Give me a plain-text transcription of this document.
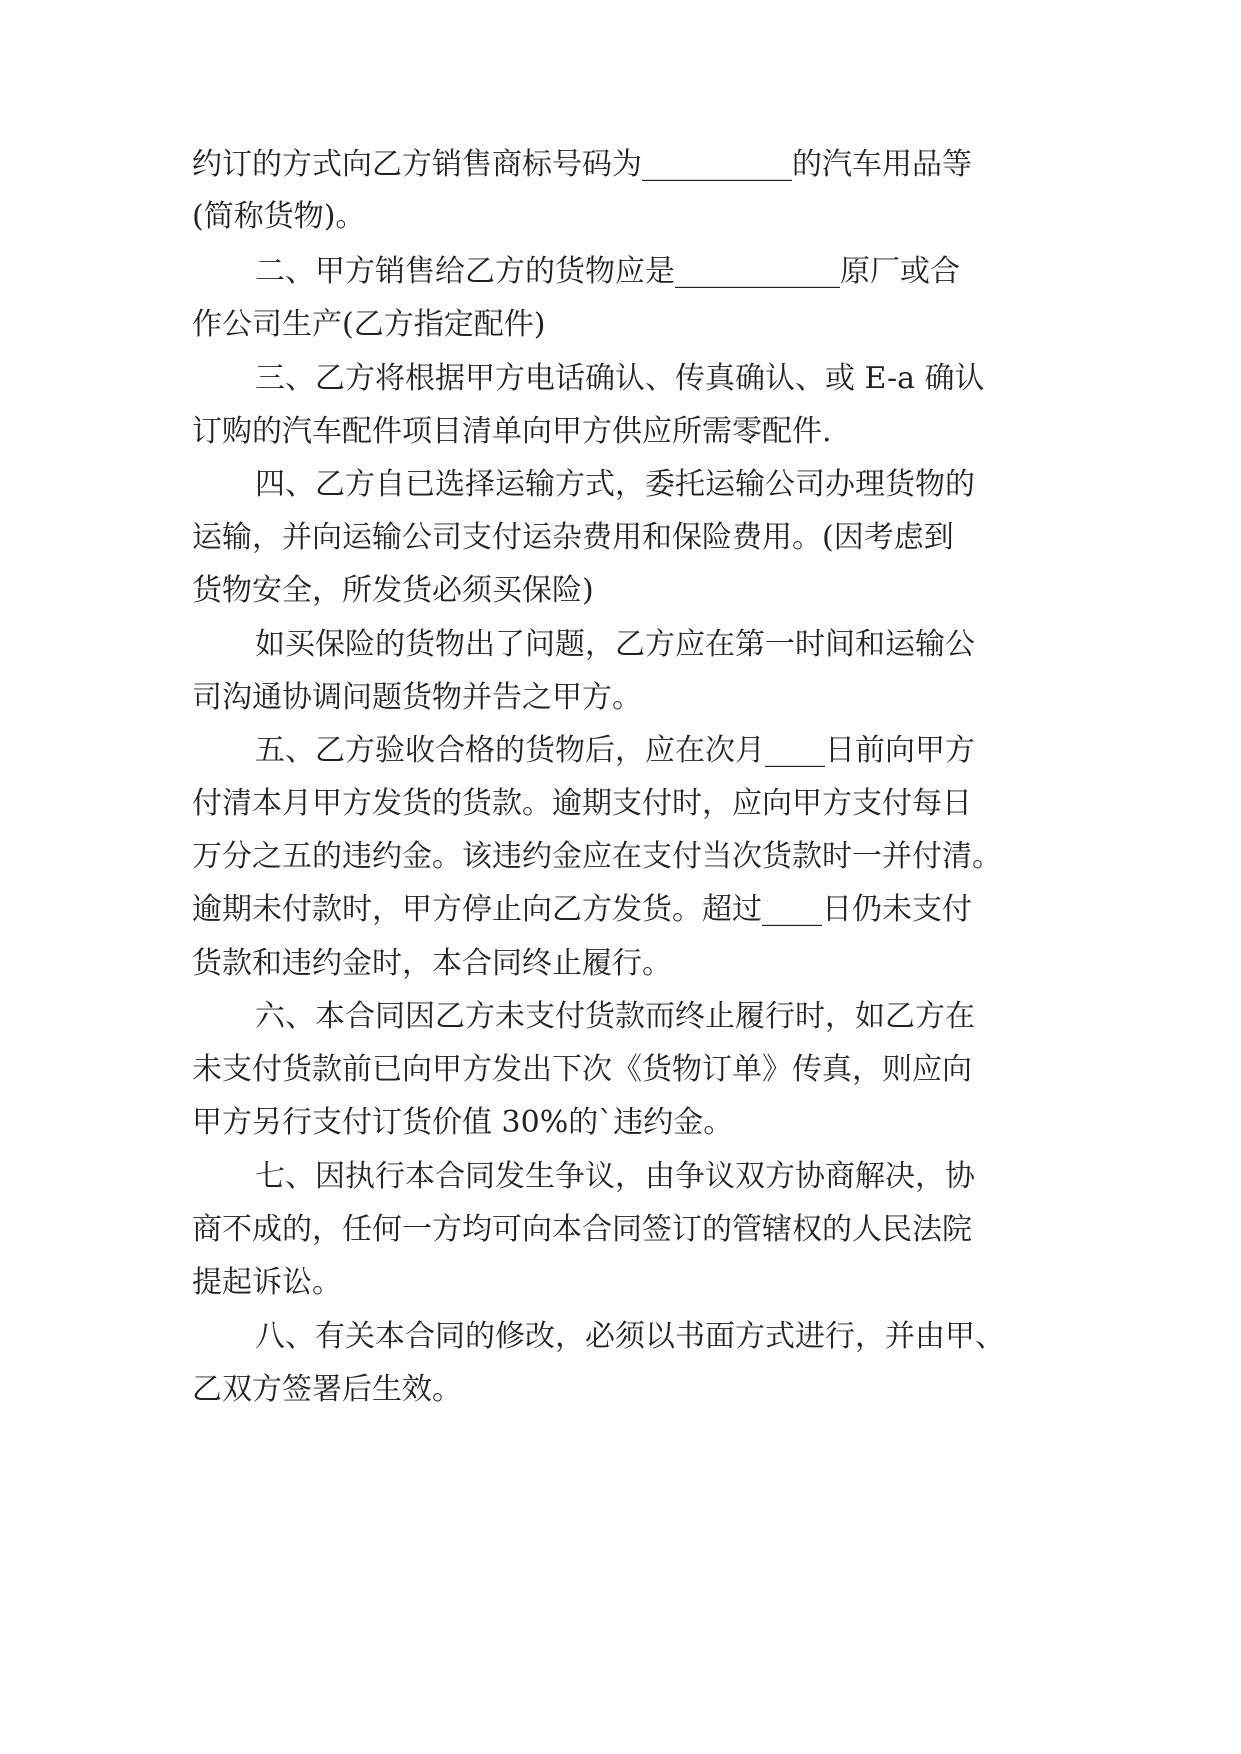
约订的方式向乙方销售商标号码为__________的汽车用品等
(简称货物)。
二、甲方销售给乙方的货物应是___________原厂或合
作公司生产(乙方指定配件)
三、乙方将根据甲方电话确认、传真确认、或 E-a 确认
订购的汽车配件项目清单向甲方供应所需零配件.
四、乙方自已选择运输方式，委托运输公司办理货物的
运输，并向运输公司支付运杂费用和保险费用。(因考虑到
货物安全，所发货必须买保险)
如买保险的货物出了问题，乙方应在第一时间和运输公
司沟通协调问题货物并告之甲方。
五、乙方验收合格的货物后，应在次月____日前向甲方
付清本月甲方发货的货款。逾期支付时，应向甲方支付每日
万分之五的违约金。该违约金应在支付当次货款时一并付清。
逾期未付款时，甲方停止向乙方发货。超过____日仍未支付
货款和违约金时，本合同终止履行。
六、本合同因乙方未支付货款而终止履行时，如乙方在
未支付货款前已向甲方发出下次《货物订单》传真，则应向
甲方另行支付订货价值 30%的`违约金。
七、因执行本合同发生争议，由争议双方协商解决，协
商不成的，任何一方均可向本合同签订的管辖权的人民法院
提起诉讼。
八、有关本合同的修改，必须以书面方式进行，并由甲、
乙双方签署后生效。
